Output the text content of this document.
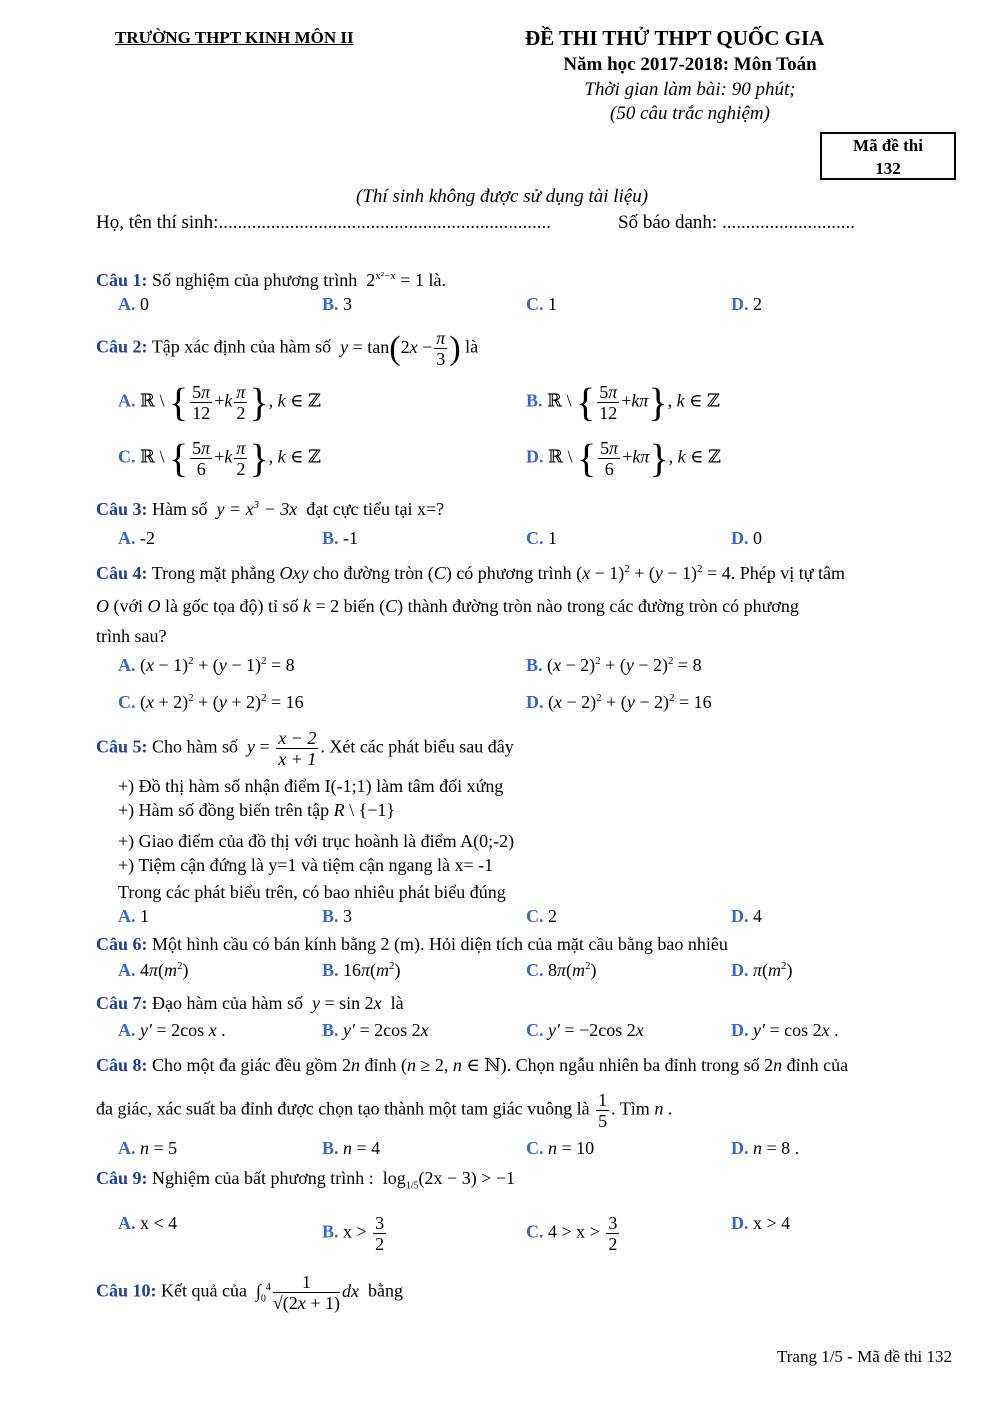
TRƯỜNG THPT KINH MÔN II	ĐỀ THI THỬ THPT QUỐC GIA
Năm học 2017-2018: Môn Toán
Thời gian làm bài: 90 phút;
(50 câu trắc nghiệm)
Mã đề thi
132
(Thí sinh không được sử dụng tài liệu)
Họ, tên thí sinh:......................................................................	Số báo danh: ............................
Câu 1: Số nghiệm của phương trình  $2^{x^2-x} = 1$ là.
A. 0	B. 3	C. 1	D. 2
Câu 2: Tập xác định của hàm số $y = \tan(2x - \frac{\pi}{3}$ ) là
A. ℝ \ { $\frac{5\pi}{12} +k \frac{\pi}{2}$ }, k ∈ ℤ	B. ℝ \ { $\frac{5\pi}{12} +k\pi$}, k ∈ ℤ
C. ℝ \ { $\frac{5\pi}{6} +k \frac{\pi}{2}$ }, k ∈ ℤ	D. ℝ \ { $\frac{5\pi}{6} +k\pi$}, k ∈ ℤ
Câu 3: Hàm số  $y = x^3 - 3x$  đạt cực tiểu tại x=?
A. -2	B. -1	C. 1	D. 0
Câu 4: Trong mặt phẳng Oxy cho đường tròn (C) có phương trình $(x - 1)^2 + (y - 1)^2 = 4$. Phép vị tự tâm
O (với O là gốc tọa độ) tỉ số k = 2 biến (C) thành đường tròn nào trong các đường tròn có phương
trình sau?
A. $(x - 1)^2 + (y - 1)^2 = 8$	B. $(x - 2)^2 + (y - 2)^2 = 8$
C. $(x + 2)^2 + (y + 2)^2 = 16$	D. $(x - 2)^2 + (y - 2)^2 = 16$
Câu 5: Cho hàm số  $y = \frac{x - 2}{x + 1}$ . Xét các phát biểu sau đây
+) Đồ thị hàm số nhận điểm I(-1;1) làm tâm đối xứng
+) Hàm số đồng biến trên tập R \ {−1}
+) Giao điểm của đồ thị với trục hoành là điểm A(0;-2)
+) Tiệm cận đứng là y=1 và tiệm cận ngang là x= -1
Trong các phát biểu trên, có bao nhiêu phát biểu đúng
A. 1	B. 3	C. 2	D. 4
Câu 6: Một hình cầu có bán kính bằng 2 (m). Hỏi diện tích của mặt cầu bằng bao nhiêu
A. $4\pi(m^2)$	B. $16\pi(m^2)$	C. $8\pi(m^2)$	D. $\pi(m^2)$
Câu 7: Đạo hàm của hàm số y = sin 2x là
A. y′ = 2cos x .	B. y′ = 2cos 2x	C. y′ = −2cos 2x	D. y′ = cos 2x .
Câu 8: Cho một đa giác đều gồm 2n đỉnh (n ≥ 2, n ∈ ℕ). Chọn ngẫu nhiên ba đỉnh trong số 2n đỉnh của
đa giác, xác suất ba đỉnh được chọn tạo thành một tam giác vuông là $\frac{1}{5}$ . Tìm n .
A. n = 5	B. n = 4	C. n = 10	D. n = 8 .
Câu 9: Nghiệm của bất phương trình :  $\log_{1/5}(2x - 3) > -1$
A. x < 4	B. $x > \frac{3}{2}$	C. $4 > x > \frac{3}{2}$	D. x > 4
Câu 10: Kết quả của  $\int_0^4 \frac{1}{√(2x + 1)}$ dx bằng
Trang 1/5 - Mã đề thi 132
